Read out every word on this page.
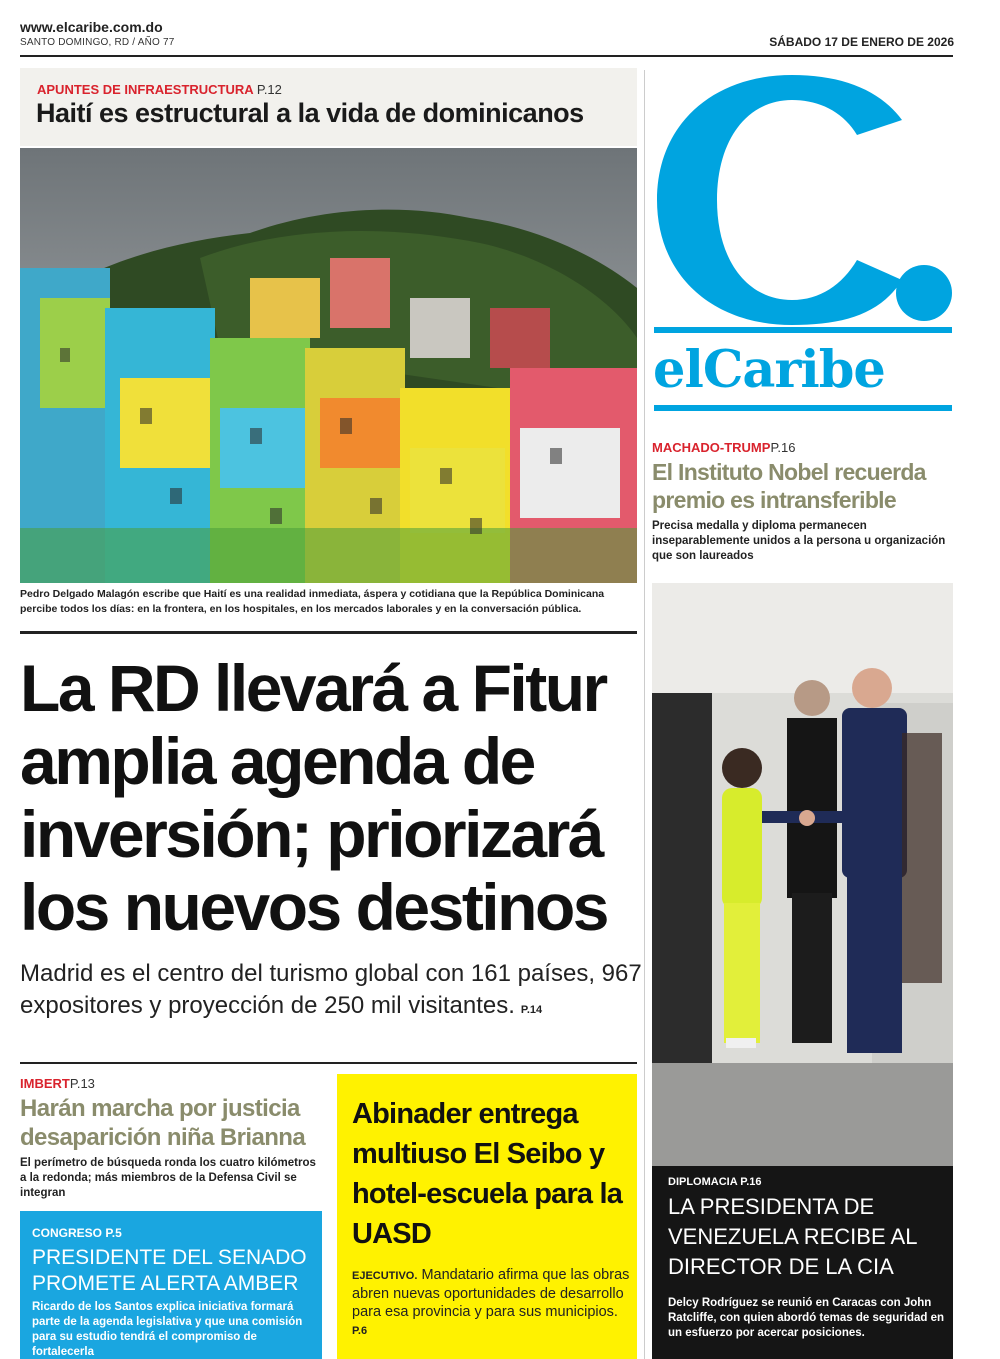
www.elcaribe.com.do
SANTO DOMINGO, RD / AÑO 77	SÁBADO 17 DE ENERO DE 2026
APUNTES DE INFRAESTRUCTURA P.12
Haití es estructural a la vida de dominicanos
Pedro Delgado Malagón escribe que Haití es una realidad inmediata, áspera y cotidiana que la República Dominicana percibe todos los días: en la frontera, en los hospitales, en los mercados laborales y en la conversación pública.
La RD llevará a Fitur amplia agenda de inversión; priorizará los nuevos destinos
Madrid es el centro del turismo global con 161 países, 967 expositores y proyección de 250 mil visitantes. P.14
IMBERTP.13
Harán marcha por justicia desaparición niña Brianna
El perímetro de búsqueda ronda los cuatro kilómetros a la redonda; más miembros de la Defensa Civil se integran
CONGRESO P.5
PRESIDENTE DEL SENADO PROMETE ALERTA AMBER
Ricardo de los Santos explica iniciativa formará parte de la agenda legislativa y que una comisión para su estudio tendrá el compromiso de fortalecerla
Abinader entrega multiuso El Seibo y hotel-escuela para la UASD
EJECUTIVO. Mandatario afirma que las obras abren nuevas oportunidades de desarrollo para esa provincia y para sus municipios. P.6
elCaribe
MACHADO-TRUMPP.16
El Instituto Nobel recuerda premio es intransferible
Precisa medalla y diploma permanecen inseparablemente unidos a la persona u organización que son laureados
DIPLOMACIA P.16
LA PRESIDENTA DE VENEZUELA RECIBE AL DIRECTOR DE LA CIA
Delcy Rodríguez se reunió en Caracas con John Ratcliffe, con quien abordó temas de seguridad en un esfuerzo por acercar posiciones.
